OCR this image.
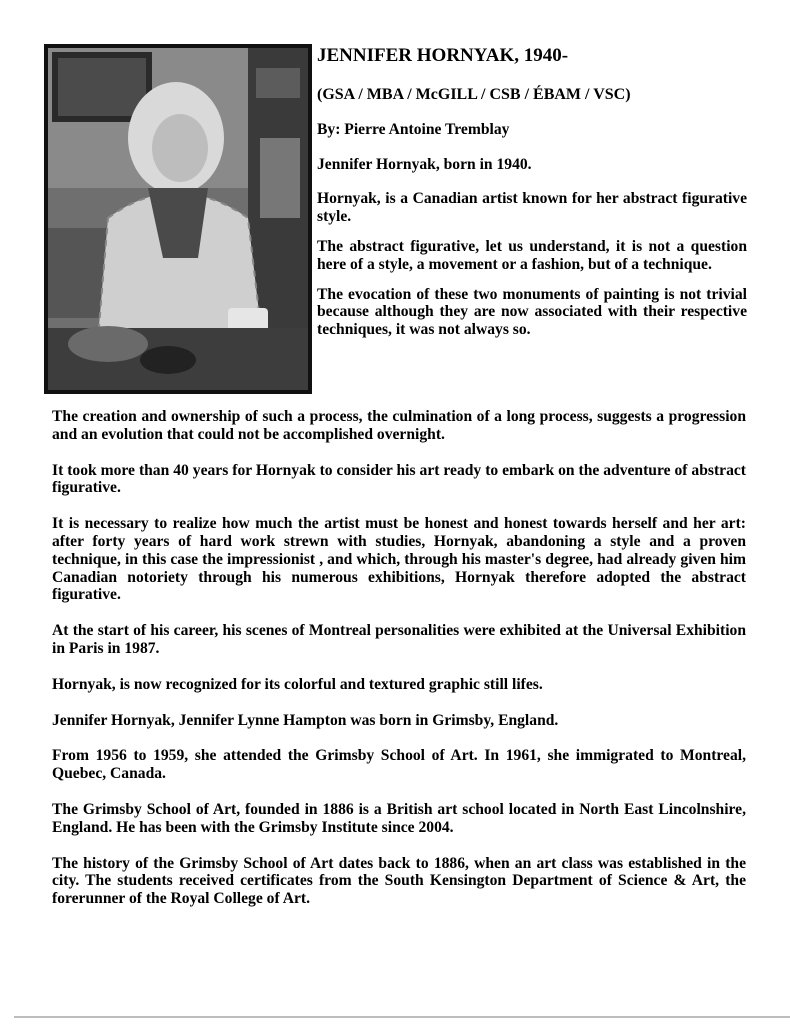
JENNIFER HORNYAK, 1940-

(GSA / MBA / McGILL / CSB / ÉBAM / VSC)

By: Pierre Antoine Tremblay

Jennifer Hornyak, born in 1940.

Hornyak, is a Canadian artist known for her abstract figurative style.

The abstract figurative, let us understand, it is not a question here of a style, a movement or a fashion, but of a technique.

The evocation of these two monuments of painting is not trivial because although they are now associated with their respective techniques, it was not always so.

The creation and ownership of such a process, the culmination of a long process, suggests a progression and an evolution that could not be accomplished overnight.

It took more than 40 years for Hornyak to consider his art ready to embark on the adventure of abstract figurative.

It is necessary to realize how much the artist must be honest and honest towards herself and her art: after forty years of hard work strewn with studies, Hornyak, abandoning a style and a proven technique, in this case the impressionist , and which, through his master's degree, had already given him Canadian notoriety through his numerous exhibitions, Hornyak therefore adopted the abstract figurative.

At the start of his career, his scenes of Montreal personalities were exhibited at the Universal Exhibition in Paris in 1987.

Hornyak, is now recognized for its colorful and textured graphic still lifes.

Jennifer Hornyak, Jennifer Lynne Hampton was born in Grimsby, England.

From 1956 to 1959, she attended the Grimsby School of Art. In 1961, she immigrated to Montreal, Quebec, Canada.

The Grimsby School of Art, founded in 1886 is a British art school located in North East Lincolnshire, England. He has been with the Grimsby Institute since 2004.

The history of the Grimsby School of Art dates back to 1886, when an art class was established in the city. The students received certificates from the South Kensington Department of Science & Art, the forerunner of the Royal College of Art.
